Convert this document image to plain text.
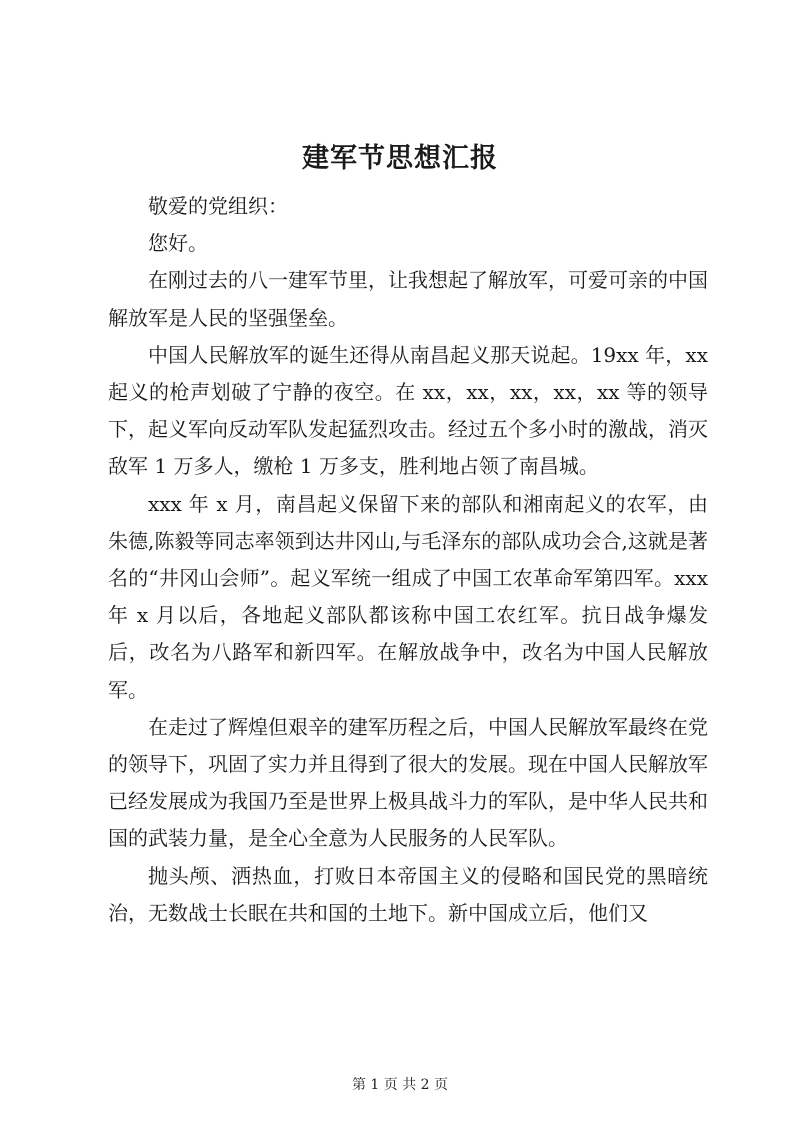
建军节思想汇报

敬爱的党组织：

您好。

在刚过去的八一建军节里，让我想起了解放军，可爱可亲的中国解放军是人民的坚强堡垒。

中国人民解放军的诞生还得从南昌起义那天说起。19xx 年，xx 起义的枪声划破了宁静的夜空。在 xx，xx，xx，xx，xx 等的领导下，起义军向反动军队发起猛烈攻击。经过五个多小时的激战，消灭敌军 1 万多人，缴枪 1 万多支，胜利地占领了南昌城。

xxx 年 x 月，南昌起义保留下来的部队和湘南起义的农军，由朱德,陈毅等同志率领到达井冈山,与毛泽东的部队成功会合,这就是著名的“井冈山会师”。起义军统一组成了中国工农革命军第四军。xxx 年 x 月以后，各地起义部队都该称中国工农红军。抗日战争爆发后，改名为八路军和新四军。在解放战争中，改名为中国人民解放军。

在走过了辉煌但艰辛的建军历程之后，中国人民解放军最终在党的领导下，巩固了实力并且得到了很大的发展。现在中国人民解放军已经发展成为我国乃至是世界上极具战斗力的军队，是中华人民共和国的武装力量，是全心全意为人民服务的人民军队。

抛头颅、洒热血，打败日本帝国主义的侵略和国民党的黑暗统治，无数战士长眠在共和国的土地下。新中国成立后，他们又

第 1 页 共 2 页
